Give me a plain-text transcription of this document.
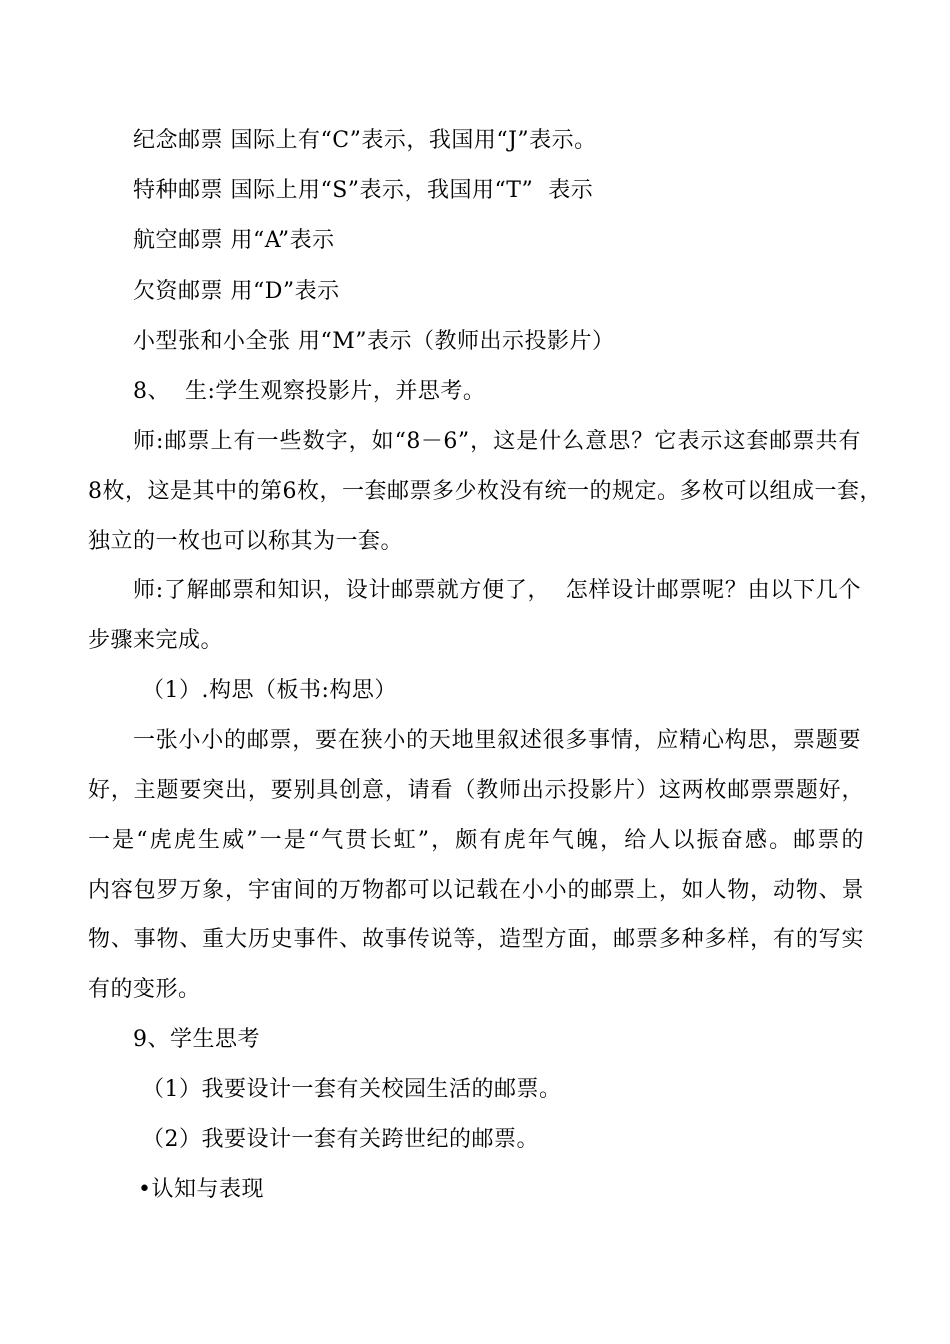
纪念邮票 国际上有“C”表示，我国用“J”表示。
特种邮票 国际上用“S”表示，我国用“T”  表示
航空邮票 用“A”表示
欠资邮票 用“D”表示
小型张和小全张 用“M”表示（教师出示投影片）
8、  生:学生观察投影片，并思考。
师:邮票上有一些数字，如“8－6”，这是什么意思？它表示这套邮票共有
8枚，这是其中的第6枚，一套邮票多少枚没有统一的规定。多枚可以组成一套，
独立的一枚也可以称其为一套。
师:了解邮票和知识，设计邮票就方便了，  怎样设计邮票呢？由以下几个
步骤来完成。
（1）.构思（板书:构思）
一张小小的邮票，要在狭小的天地里叙述很多事情，应精心构思，票题要
好，主题要突出，要别具创意，请看（教师出示投影片）这两枚邮票票题好，
一是“虎虎生威”一是“气贯长虹”，颇有虎年气魄，给人以振奋感。邮票的
内容包罗万象，宇宙间的万物都可以记载在小小的邮票上，如人物，动物、景
物、事物、重大历史事件、故事传说等，造型方面，邮票多种多样，有的写实
有的变形。
9、学生思考
（1）我要设计一套有关校园生活的邮票。
（2）我要设计一套有关跨世纪的邮票。
•认知与表现
